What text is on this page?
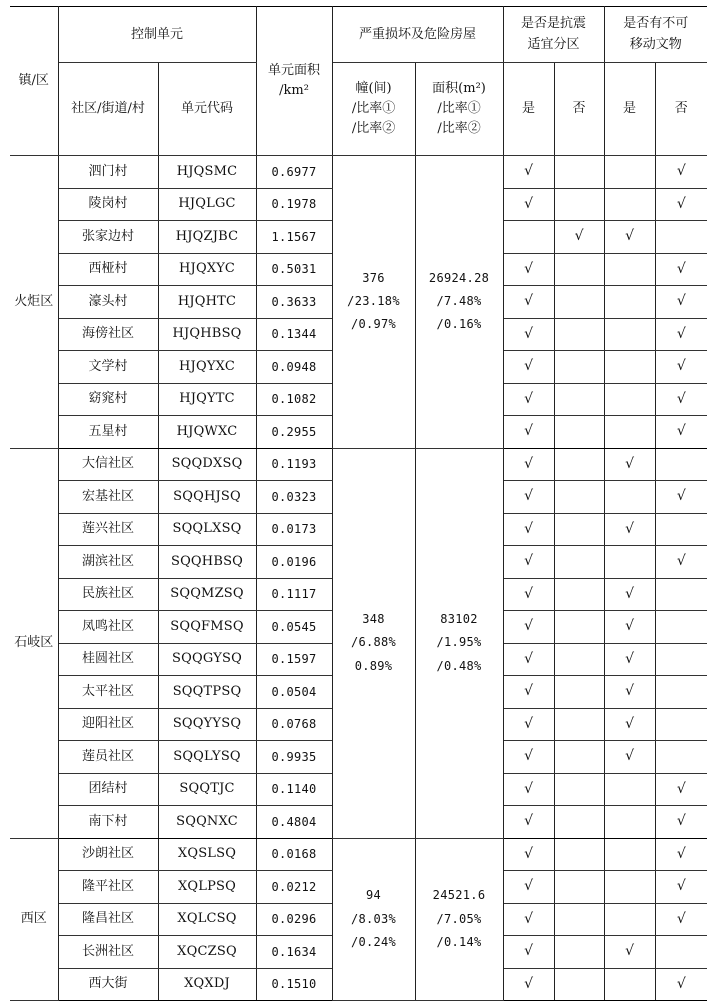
镇/区	控制单元		单元面积
/km²	严重损坏及危险房屋		是否是抗震
适宜分区		是否有不可
移动文物	
	社区/街道/村	单元代码		幢(间)
/比率①
/比率②	面积(m²)
/比率①
/比率②	是	否	是	否
火炬区	泗门村	HJQSMC	0.6977	376
/23.18%
/0.97%	26924.28
/7.48%
/0.16%	√			√
	陵岗村	HJQLGC	0.1978			√			√
	张家边村	HJQZJBC	1.1567				√	√	
	西桠村	HJQXYC	0.5031			√			√
	濠头村	HJQHTC	0.3633			√			√
	海傍社区	HJQHBSQ	0.1344			√			√
	文学村	HJQYXC	0.0948			√			√
	窈窕村	HJQYTC	0.1082			√			√
	五星村	HJQWXC	0.2955			√			√
石岐区	大信社区	SQQDXSQ	0.1193	348
/6.88%
0.89%	83102
/1.95%
/0.48%	√		√	
	宏基社区	SQQHJSQ	0.0323			√			√
	莲兴社区	SQQLXSQ	0.0173			√		√	
	湖滨社区	SQQHBSQ	0.0196			√			√
	民族社区	SQQMZSQ	0.1117			√		√	
	凤鸣社区	SQQFMSQ	0.0545			√		√	
	桂圆社区	SQQGYSQ	0.1597			√		√	
	太平社区	SQQTPSQ	0.0504			√		√	
	迎阳社区	SQQYYSQ	0.0768			√		√	
	莲员社区	SQQLYSQ	0.9935			√		√	
	团结村	SQQTJC	0.1140			√			√
	南下村	SQQNXC	0.4804			√			√
西区	沙朗社区	XQSLSQ	0.0168	94
/8.03%
/0.24%	24521.6
/7.05%
/0.14%	√			√
	隆平社区	XQLPSQ	0.0212			√			√
	隆昌社区	XQLCSQ	0.0296			√			√
	长洲社区	XQCZSQ	0.1634			√		√	
	西大街	XQXDJ	0.1510			√			√
